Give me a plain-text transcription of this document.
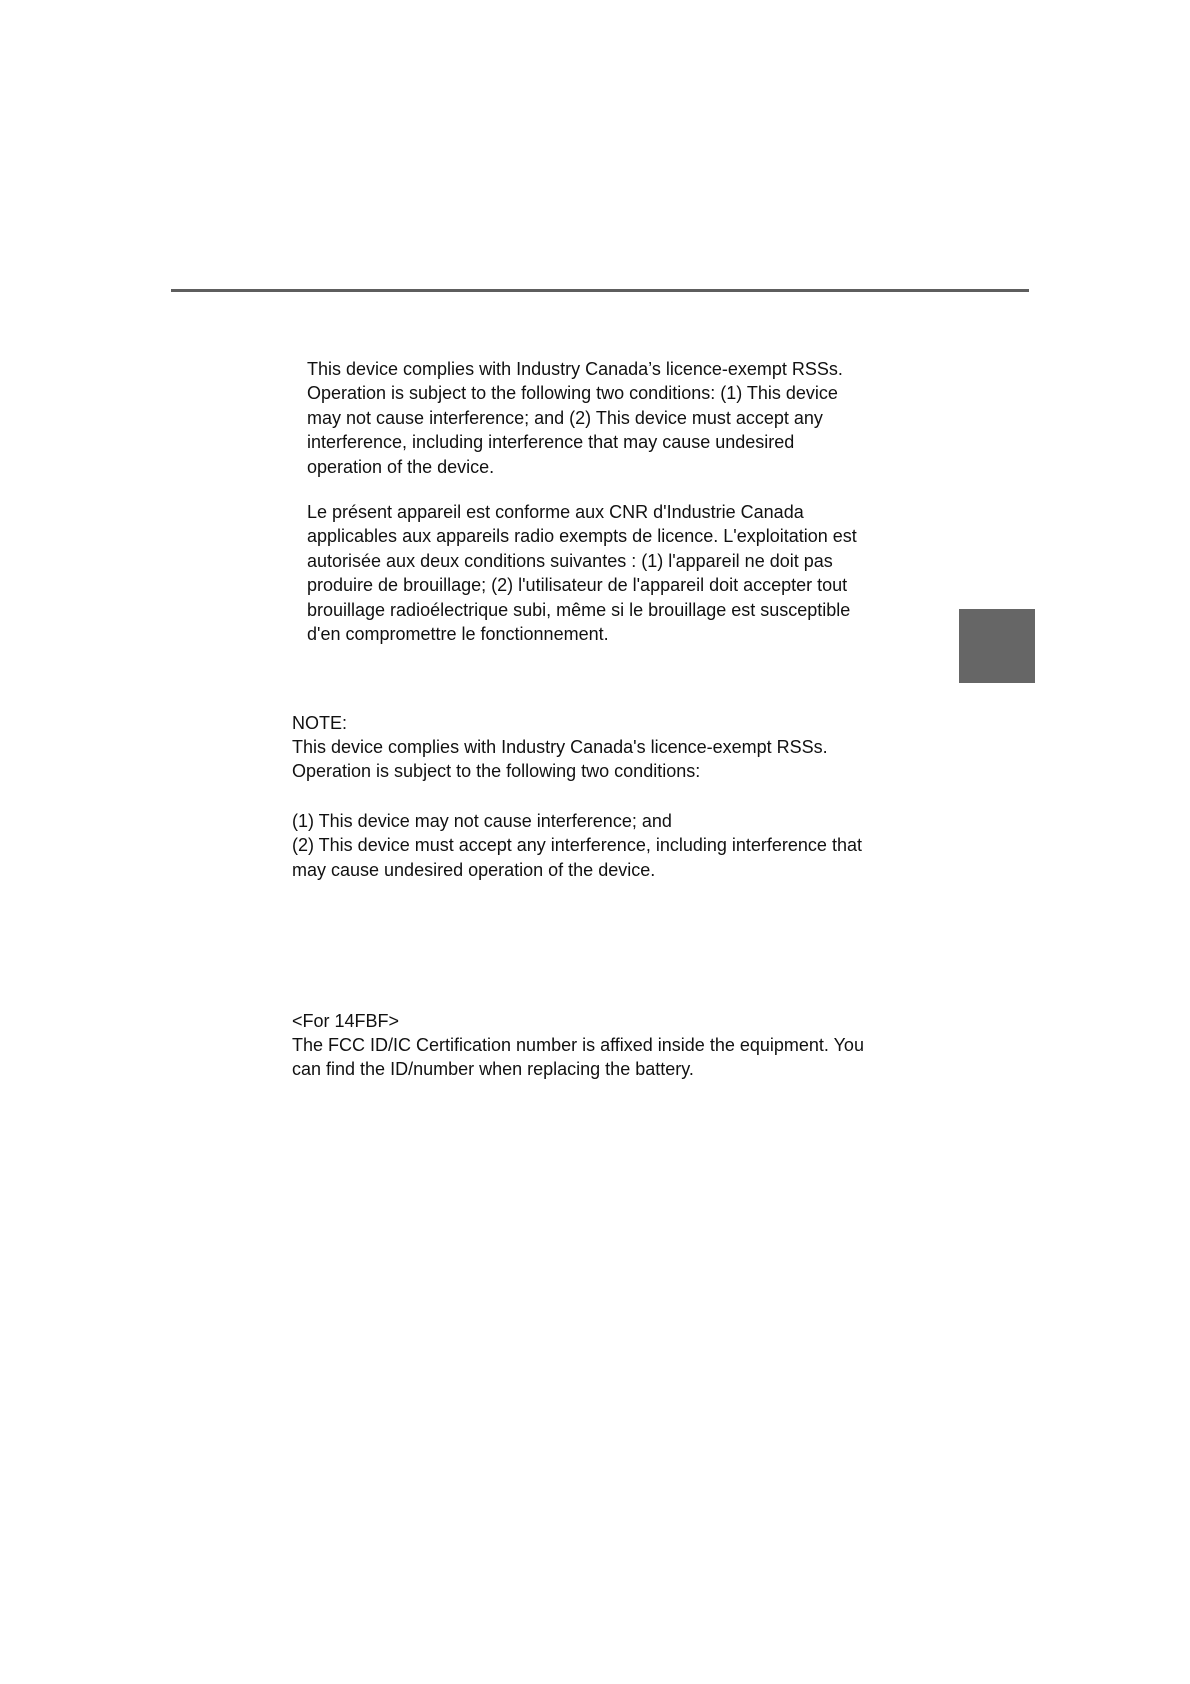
This device complies with Industry Canada’s licence-exempt RSSs.
Operation is subject to the following two conditions: (1) This device
may not cause interference; and (2) This device must accept any
interference, including interference that may cause undesired
operation of the device.

Le présent appareil est conforme aux CNR d'Industrie Canada
applicables aux appareils radio exempts de licence. L'exploitation est
autorisée aux deux conditions suivantes : (1) l'appareil ne doit pas
produire de brouillage; (2) l'utilisateur de l'appareil doit accepter tout
brouillage radioélectrique subi, même si le brouillage est susceptible
d'en compromettre le fonctionnement.

NOTE:

This device complies with Industry Canada's licence-exempt RSSs.
Operation is subject to the following two conditions:

(1) This device may not cause interference; and
(2) This device must accept any interference, including interference that
may cause undesired operation of the device.

<For 14FBF>

The FCC ID/IC Certification number is affixed inside the equipment. You
can find the ID/number when replacing the battery.
